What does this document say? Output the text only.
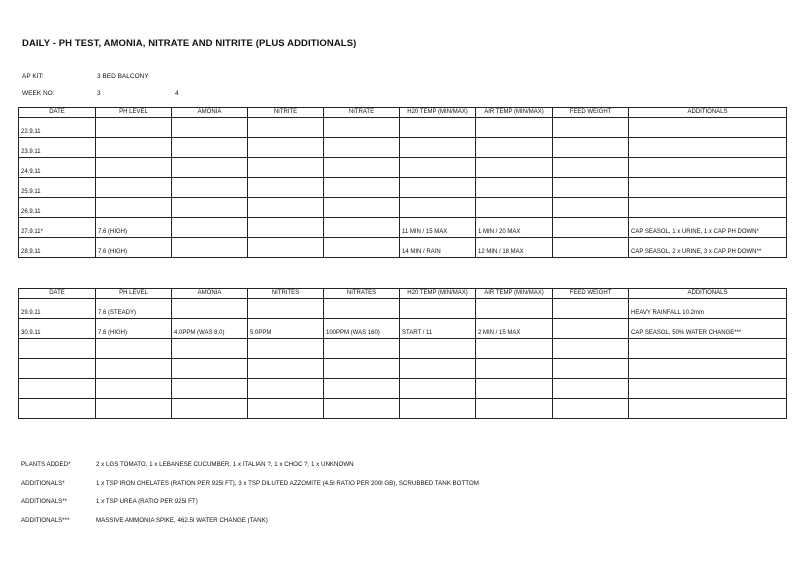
DAILY - PH TEST, AMONIA, NITRATE AND NITRITE (PLUS ADDITIONALS)
AP KIT:	3 BED BALCONY
WEEK NO:	3	4
DATE	PH LEVEL	AMONIA	NITRITE	NITRATE	H20 TEMP (MIN/MAX)	AIR TEMP (MIN/MAX)	FEED WEIGHT	ADDITIONALS
22.9.11								
23.9.11								
24.9.11								
25.9.11								
26.9.11								
27.9.11*	7.6 (HIGH)				11 MIN / 15 MAX	1 MIN / 20 MAX		CAP SEASOL, 1 x URINE, 1 x CAP PH DOWN*
28.9.11	7.6 (HIGH)				14 MIN / RAIN	12 MIN / 18 MAX		CAP SEASOL, 2 x URINE, 3 x CAP PH DOWN**
DATE	PH LEVEL	AMONIA	NITRITES	NITRATES	H20 TEMP (MIN/MAX)	AIR TEMP (MIN/MAX)	FEED WEIGHT	ADDITIONALS
29.9.11	7.6 (STEADY)							HEAVY RAINFALL 10.2mm
30.9.11	7.6 (HIGH)	4.0PPM (WAS 8.0)	5.0PPM	100PPM (WAS 160)	START / 11	2 MIN / 15 MAX		CAP SEASOL, 50% WATER CHANGE***

PLANTS ADDED*	2 x LGS TOMATO, 1 x LEBANESE CUCUMBER, 1 x ITALIAN ?, 1 x CHOC ?, 1 x UNKNOWN
ADDITIONALS*	1 x TSP IRON CHELATES (RATION PER 925l FT), 3 x TSP DILUTED AZZOMITE (4.5l RATIO PER 200l GB), SCRUBBED TANK BOTTOM
ADDITIONALS**	1 x TSP UREA (RATIO PER 925l FT)
ADDITIONALS***	MASSIVE AMMONIA SPIKE, 462.5l WATER CHANGE (TANK)
